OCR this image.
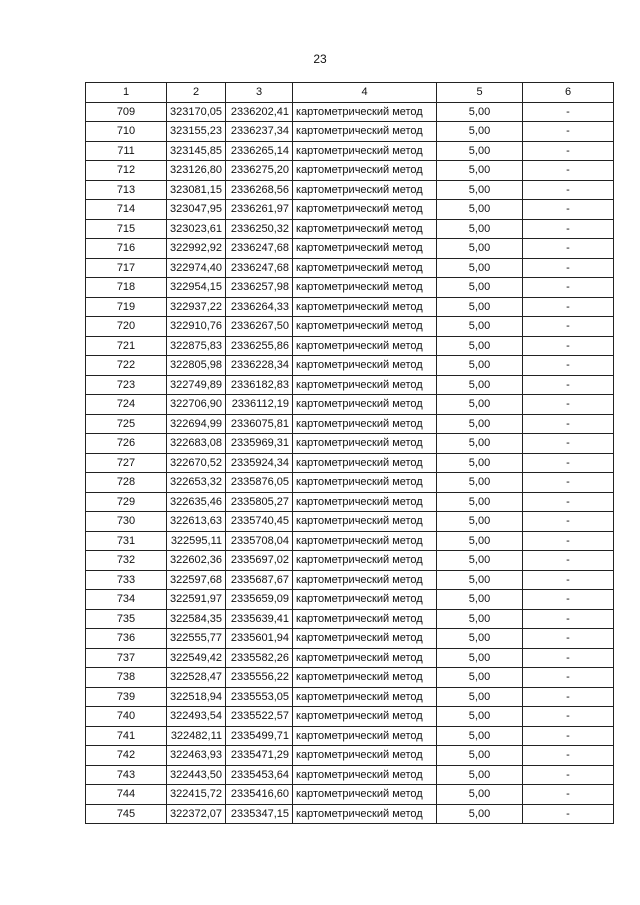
23
1	2	3	4	5	6
709	323170,05	2336202,41	картометрический метод	5,00	-
710	323155,23	2336237,34	картометрический метод	5,00	-
711	323145,85	2336265,14	картометрический метод	5,00	-
712	323126,80	2336275,20	картометрический метод	5,00	-
713	323081,15	2336268,56	картометрический метод	5,00	-
714	323047,95	2336261,97	картометрический метод	5,00	-
715	323023,61	2336250,32	картометрический метод	5,00	-
716	322992,92	2336247,68	картометрический метод	5,00	-
717	322974,40	2336247,68	картометрический метод	5,00	-
718	322954,15	2336257,98	картометрический метод	5,00	-
719	322937,22	2336264,33	картометрический метод	5,00	-
720	322910,76	2336267,50	картометрический метод	5,00	-
721	322875,83	2336255,86	картометрический метод	5,00	-
722	322805,98	2336228,34	картометрический метод	5,00	-
723	322749,89	2336182,83	картометрический метод	5,00	-
724	322706,90	2336112,19	картометрический метод	5,00	-
725	322694,99	2336075,81	картометрический метод	5,00	-
726	322683,08	2335969,31	картометрический метод	5,00	-
727	322670,52	2335924,34	картометрический метод	5,00	-
728	322653,32	2335876,05	картометрический метод	5,00	-
729	322635,46	2335805,27	картометрический метод	5,00	-
730	322613,63	2335740,45	картометрический метод	5,00	-
731	322595,11	2335708,04	картометрический метод	5,00	-
732	322602,36	2335697,02	картометрический метод	5,00	-
733	322597,68	2335687,67	картометрический метод	5,00	-
734	322591,97	2335659,09	картометрический метод	5,00	-
735	322584,35	2335639,41	картометрический метод	5,00	-
736	322555,77	2335601,94	картометрический метод	5,00	-
737	322549,42	2335582,26	картометрический метод	5,00	-
738	322528,47	2335556,22	картометрический метод	5,00	-
739	322518,94	2335553,05	картометрический метод	5,00	-
740	322493,54	2335522,57	картометрический метод	5,00	-
741	322482,11	2335499,71	картометрический метод	5,00	-
742	322463,93	2335471,29	картометрический метод	5,00	-
743	322443,50	2335453,64	картометрический метод	5,00	-
744	322415,72	2335416,60	картометрический метод	5,00	-
745	322372,07	2335347,15	картометрический метод	5,00	-
